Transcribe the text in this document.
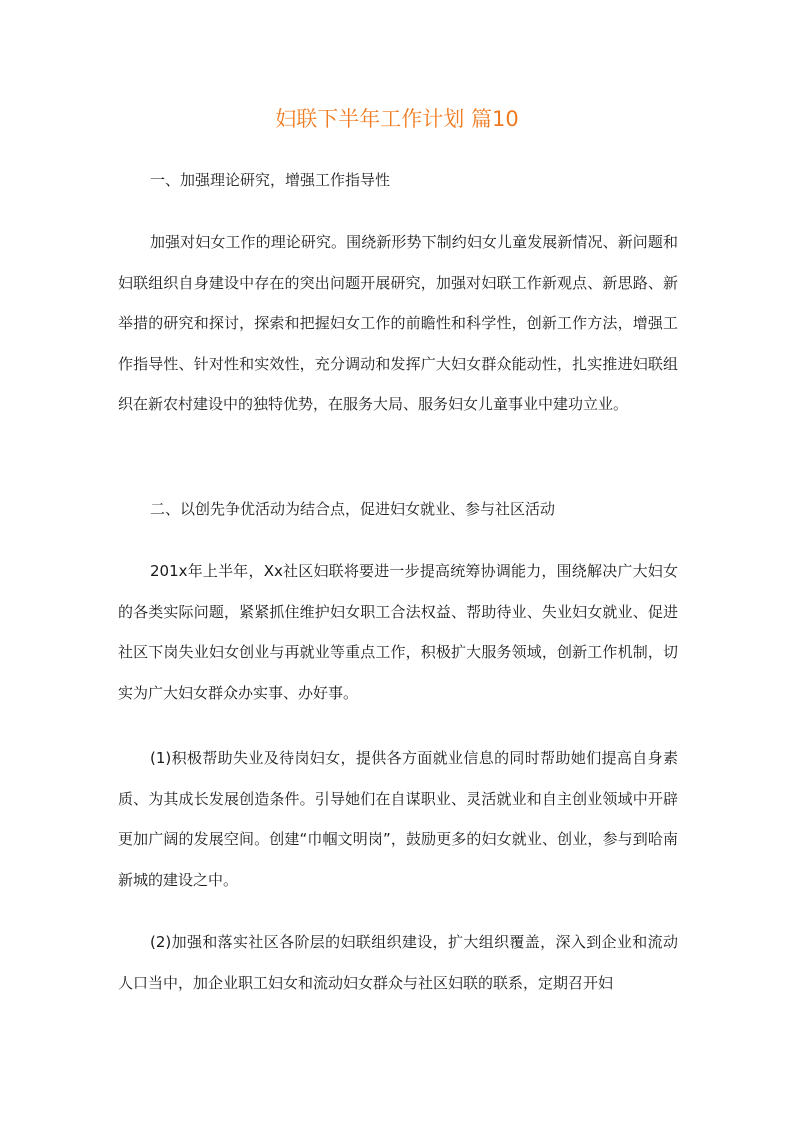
妇联下半年工作计划 篇10

一、加强理论研究，增强工作指导性

加强对妇女工作的理论研究。围绕新形势下制约妇女儿童发展新情况、新问题和妇联组织自身建设中存在的突出问题开展研究，加强对妇联工作新观点、新思路、新举措的研究和探讨，探索和把握妇女工作的前瞻性和科学性，创新工作方法，增强工作指导性、针对性和实效性，充分调动和发挥广大妇女群众能动性，扎实推进妇联组织在新农村建设中的独特优势，在服务大局、服务妇女儿童事业中建功立业。

二、以创先争优活动为结合点，促进妇女就业、参与社区活动

201x年上半年，Xx社区妇联将要进一步提高统筹协调能力，围绕解决广大妇女的各类实际问题，紧紧抓住维护妇女职工合法权益、帮助待业、失业妇女就业、促进社区下岗失业妇女创业与再就业等重点工作，积极扩大服务领域，创新工作机制，切实为广大妇女群众办实事、办好事。

(1)积极帮助失业及待岗妇女，提供各方面就业信息的同时帮助她们提高自身素质、为其成长发展创造条件。引导她们在自谋职业、灵活就业和自主创业领域中开辟更加广阔的发展空间。创建“巾帼文明岗”，鼓励更多的妇女就业、创业，参与到哈南新城的建设之中。

(2)加强和落实社区各阶层的妇联组织建设，扩大组织覆盖，深入到企业和流动人口当中，加企业职工妇女和流动妇女群众与社区妇联的联系，定期召开妇
